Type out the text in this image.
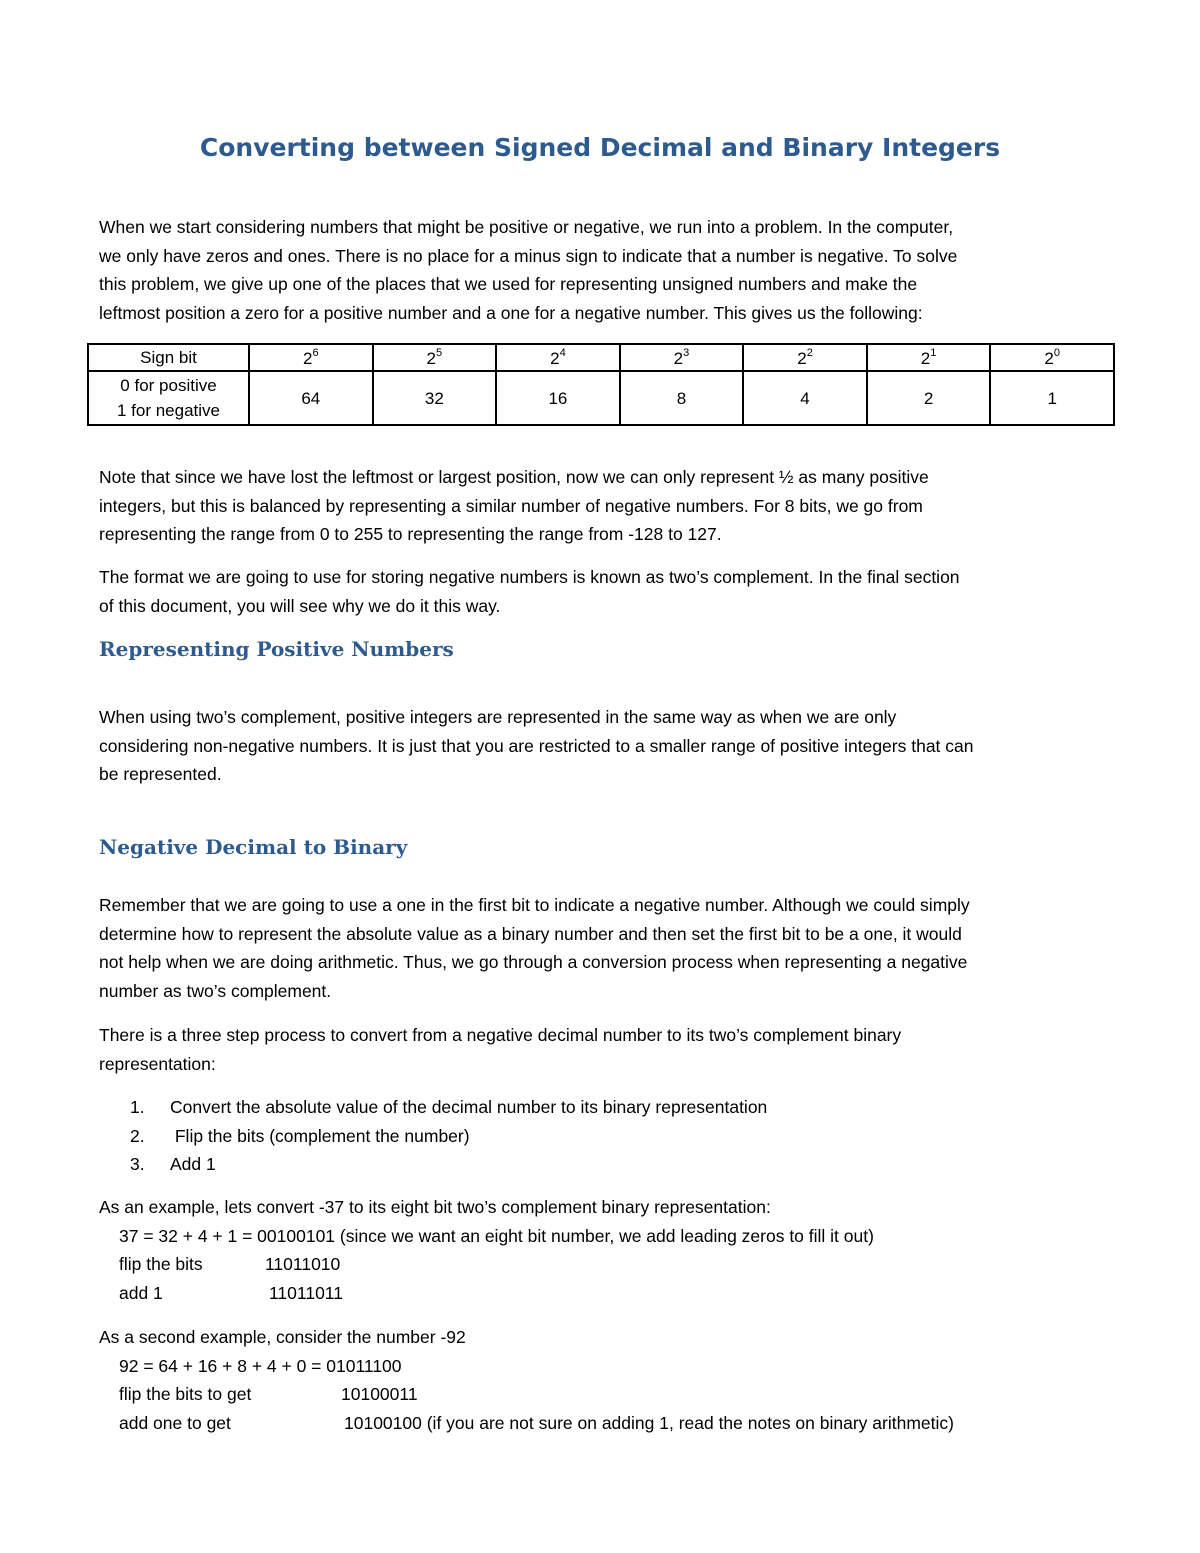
Converting between Signed Decimal and Binary Integers

When we start considering numbers that might be positive or negative, we run into a problem. In the computer,
we only have zeros and ones. There is no place for a minus sign to indicate that a number is negative. To solve
this problem, we give up one of the places that we used for representing unsigned numbers and make the
leftmost position a zero for a positive number and a one for a negative number. This gives us the following:

Sign bit	$2^6$	$2^5$	$2^4$	$2^3$	$2^2$	$2^1$	$2^0$

0 for positive
1 for negative	64	32	16	8	4	2	1

Note that since we have lost the leftmost or largest position, now we can only represent ½ as many positive
integers, but this is balanced by representing a similar number of negative numbers. For 8 bits, we go from
representing the range from 0 to 255 to representing the range from -128 to 127.

The format we are going to use for storing negative numbers is known as two’s complement. In the final section
of this document, you will see why we do it this way.

Representing Positive Numbers

When using two’s complement, positive integers are represented in the same way as when we are only
considering non-negative numbers. It is just that you are restricted to a smaller range of positive integers that can
be represented.

Negative Decimal to Binary

Remember that we are going to use a one in the first bit to indicate a negative number. Although we could simply
determine how to represent the absolute value as a binary number and then set the first bit to be a one, it would
not help when we are doing arithmetic. Thus, we go through a conversion process when representing a negative
number as two’s complement.

There is a three step process to convert from a negative decimal number to its two’s complement binary
representation:

1. Convert the absolute value of the decimal number to its binary representation
2. Flip the bits (complement the number)
3. Add 1
As an example, lets convert -37 to its eight bit two’s complement binary representation:
37 = 32 + 4 + 1 = 00100101 (since we want an eight bit number, we add leading zeros to fill it out)
flip the bits	11011010

add 1	11011011

As a second example, consider the number -92
92 = 64 + 16 + 8 + 4 + 0 = 01011100
flip the bits to get	10100011

add one to get	10100100 (if you are not sure on adding 1, read the notes on binary arithmetic)
